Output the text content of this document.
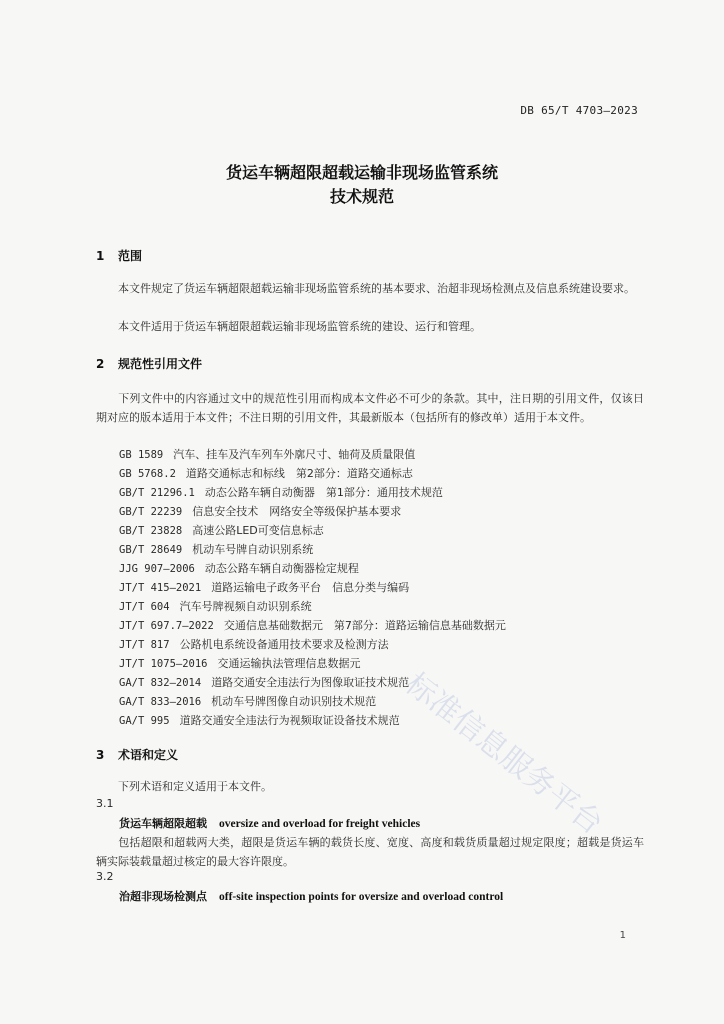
DB 65/T 4703—2023
货运车辆超限超载运输非现场监管系统
技术规范
1 范围
本文件规定了货运车辆超限超载运输非现场监管系统的基本要求、治超非现场检测点及信息系统建设要求。
本文件适用于货运车辆超限超载运输非现场监管系统的建设、运行和管理。
2 规范性引用文件
下列文件中的内容通过文中的规范性引用而构成本文件必不可少的条款。其中，注日期的引用文件，仅该日期对应的版本适用于本文件；不注日期的引用文件，其最新版本（包括所有的修改单）适用于本文件。
GB 1589 汽车、挂车及汽车列车外廓尺寸、轴荷及质量限值
GB 5768.2 道路交通标志和标线　第2部分：道路交通标志
GB/T 21296.1 动态公路车辆自动衡器　第1部分：通用技术规范
GB/T 22239 信息安全技术　网络安全等级保护基本要求
GB/T 23828 高速公路LED可变信息标志
GB/T 28649 机动车号牌自动识别系统
JJG 907—2006 动态公路车辆自动衡器检定规程
JT/T 415—2021 道路运输电子政务平台　信息分类与编码
JT/T 604 汽车号牌视频自动识别系统
JT/T 697.7—2022 交通信息基础数据元　第7部分：道路运输信息基础数据元
JT/T 817 公路机电系统设备通用技术要求及检测方法
JT/T 1075—2016 交通运输执法管理信息数据元
GA/T 832—2014 道路交通安全违法行为图像取证技术规范
GA/T 833—2016 机动车号牌图像自动识别技术规范
GA/T 995 道路交通安全违法行为视频取证设备技术规范
3 术语和定义
下列术语和定义适用于本文件。
3.1
货运车辆超限超载 oversize and overload for freight vehicles
包括超限和超载两大类，超限是货运车辆的载货长度、宽度、高度和载货质量超过规定限度；超载是货运车辆实际装载量超过核定的最大容许限度。
3.2
治超非现场检测点 off-site inspection points for oversize and overload control
1
标准信息服务平台
